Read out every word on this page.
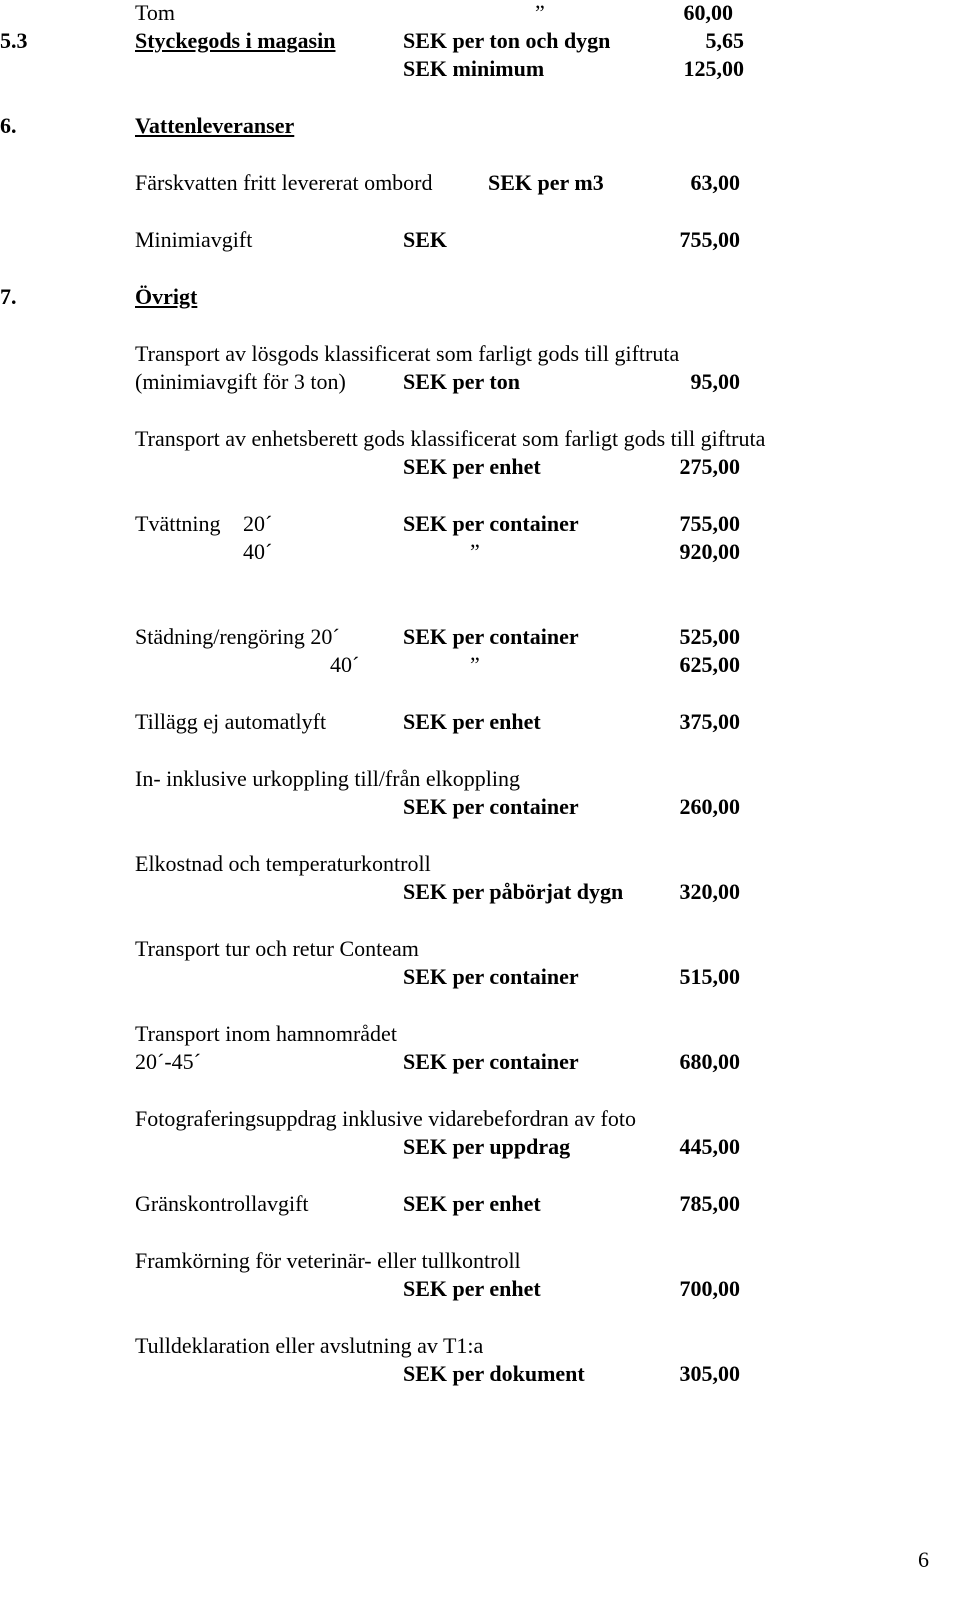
Tom	”	60,00
5.3	Styckegods i magasin	SEK per ton och dygn	5,65
SEK minimum	125,00
6.	Vattenleveranser
Färskvatten fritt levererat ombord	SEK per m3	63,00
Minimiavgift	SEK	755,00
7.	Övrigt
Transport av lösgods klassificerat som farligt gods till giftruta
(minimiavgift för 3 ton)	SEK per ton	95,00
Transport av enhetsberett gods klassificerat som farligt gods till giftruta
SEK per enhet	275,00
Tvättning 20´	SEK per container	755,00
40´	”	920,00
Städning/rengöring 20´	SEK per container	525,00
40´	”	625,00
Tillägg ej automatlyft	SEK per enhet	375,00
In- inklusive urkoppling till/från elkoppling
SEK per container	260,00
Elkostnad och temperaturkontroll
SEK per påbörjat dygn	320,00
Transport tur och retur Conteam
SEK per container	515,00
Transport inom hamnområdet
20´-45´	SEK per container	680,00
Fotograferingsuppdrag inklusive vidarebefordran av foto
SEK per uppdrag	445,00
Gränskontrollavgift	SEK per enhet	785,00
Framkörning för veterinär- eller tullkontroll
SEK per enhet	700,00
Tulldeklaration eller avslutning av T1:a
SEK per dokument	305,00
6
